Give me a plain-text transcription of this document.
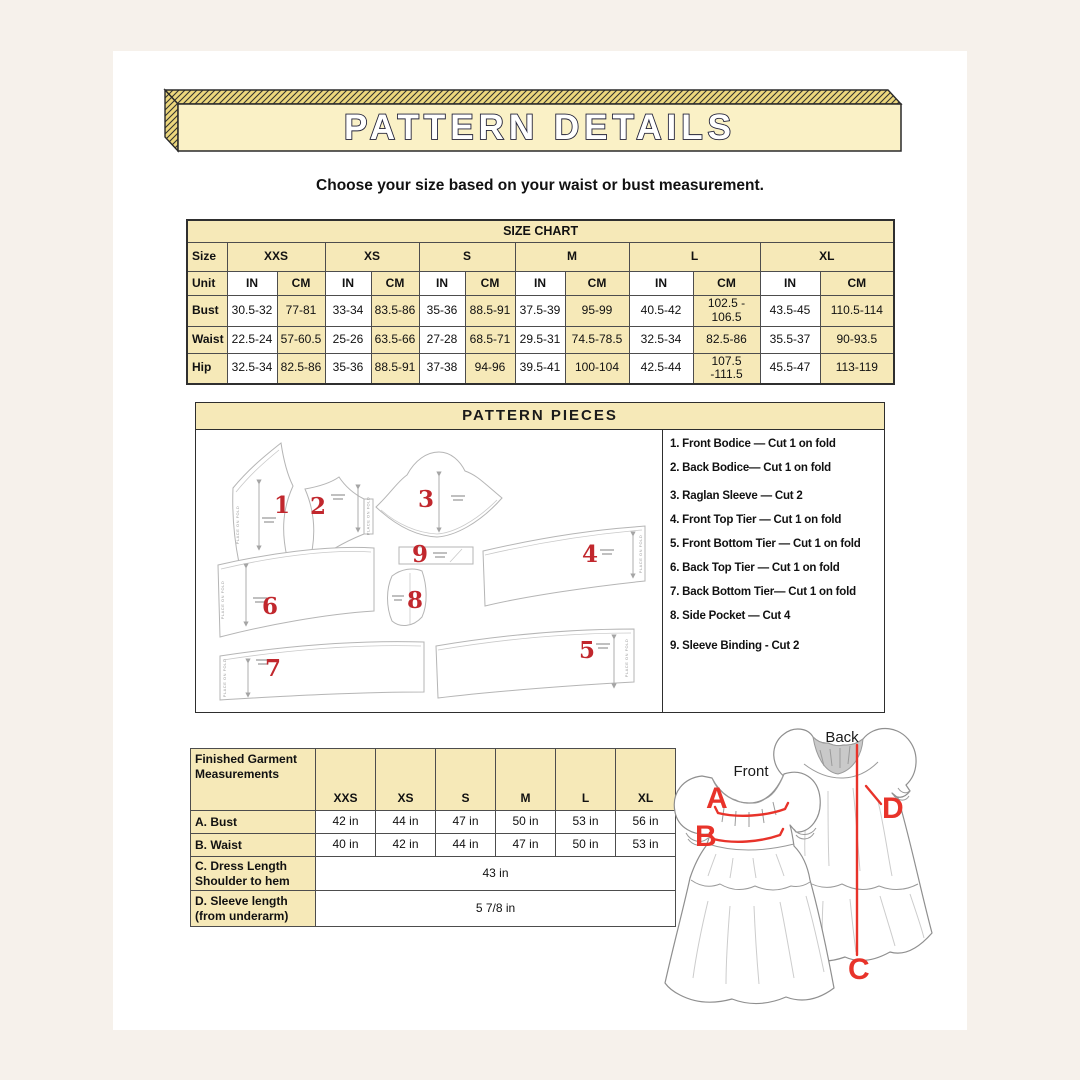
PATTERN DETAILS
Choose your size based on your waist or bust measurement.
SIZE CHART												
Size	XXS		XS		S		M		L		XL	
Unit	IN	CM	IN	CM	IN	CM	IN	CM	IN	CM	IN	CM
Bust	30.5-32	77-81	33-34	83.5-86	35-36	88.5-91	37.5-39	95-99	40.5-42	102.5 - 106.5	43.5-45	110.5-114
Waist	22.5-24	57-60.5	25-26	63.5-66	27-28	68.5-71	29.5-31	74.5-78.5	32.5-34	82.5-86	35.5-37	90-93.5
Hip	32.5-34	82.5-86	35-36	88.5-91	37-38	94-96	39.5-41	100-104	42.5-44	107.5 -111.5	45.5-47	113-119
PATTERN PIECES
PLACE ON FOLD
1	PLACE ON FOLD
2	3
9	PLACE ON FOLD
4
8
PLACE ON FOLD 6
PLACE ON FOLD
5
PLACE ON FOLD 7
1. Front Bodice — Cut 1 on fold
2. Back Bodice— Cut 1 on fold
3. Raglan Sleeve — Cut 2
4. Front Top Tier — Cut 1 on fold
5. Front Bottom Tier — Cut 1 on fold
6. Back Top Tier — Cut 1 on fold
7. Back Bottom Tier— Cut 1 on fold
8. Side Pocket — Cut 4
9. Sleeve Binding - Cut 2
Finished Garment Measurements	XXS	XS	S	M	L	XL
A. Bust	42 in	44 in	47 in	50 in	53 in	56 in
B. Waist	40 in	42 in	44 in	47 in	50 in	53 in
C. Dress Length Shoulder to hem	43 in					
D. Sleeve length (from underarm)	5 7/8 in					
A
B
C
D
Front
Back
